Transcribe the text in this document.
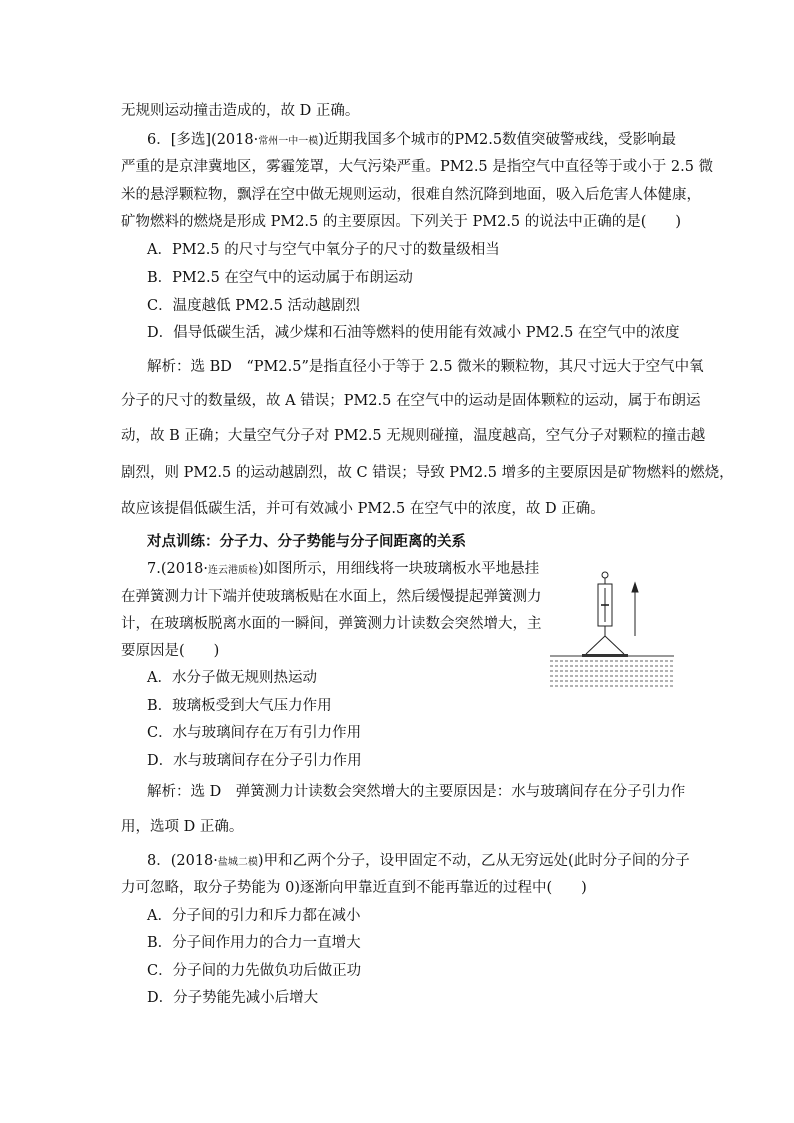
无规则运动撞击造成的，故 D 正确。
6．[多选](2018·常州一中一模)近期我国多个城市的PM2.5数值突破警戒线，受影响最
严重的是京津冀地区，雾霾笼罩，大气污染严重。PM2.5 是指空气中直径等于或小于 2.5 微
米的悬浮颗粒物，飘浮在空中做无规则运动，很难自然沉降到地面，吸入后危害人体健康，
矿物燃料的燃烧是形成 PM2.5 的主要原因。下列关于 PM2.5 的说法中正确的是(　　)
A．PM2.5 的尺寸与空气中氧分子的尺寸的数量级相当
B．PM2.5 在空气中的运动属于布朗运动
C．温度越低 PM2.5 活动越剧烈
D．倡导低碳生活，减少煤和石油等燃料的使用能有效减小 PM2.5 在空气中的浓度
解析：选 BD　“PM2.5”是指直径小于等于 2.5 微米的颗粒物，其尺寸远大于空气中氧
分子的尺寸的数量级，故 A 错误；PM2.5 在空气中的运动是固体颗粒的运动，属于布朗运
动，故 B 正确；大量空气分子对 PM2.5 无规则碰撞，温度越高，空气分子对颗粒的撞击越
剧烈，则 PM2.5 的运动越剧烈，故 C 错误；导致 PM2.5 增多的主要原因是矿物燃料的燃烧，
故应该提倡低碳生活，并可有效减小 PM2.5 在空气中的浓度，故 D 正确。
对点训练：分子力、分子势能与分子间距离的关系
7.(2018·连云港质检)如图所示，用细线将一块玻璃板水平地悬挂
在弹簧测力计下端并使玻璃板贴在水面上，然后缓慢提起弹簧测力
计，在玻璃板脱离水面的一瞬间，弹簧测力计读数会突然增大，主
要原因是(　　)
A．水分子做无规则热运动
B．玻璃板受到大气压力作用
C．水与玻璃间存在万有引力作用
D．水与玻璃间存在分子引力作用
解析：选 D　弹簧测力计读数会突然增大的主要原因是：水与玻璃间存在分子引力作
用，选项 D 正确。
8．(2018·盐城二模)甲和乙两个分子，设甲固定不动，乙从无穷远处(此时分子间的分子
力可忽略，取分子势能为 0)逐渐向甲靠近直到不能再靠近的过程中(　　)
A．分子间的引力和斥力都在减小
B．分子间作用力的合力一直增大
C．分子间的力先做负功后做正功
D．分子势能先减小后增大
